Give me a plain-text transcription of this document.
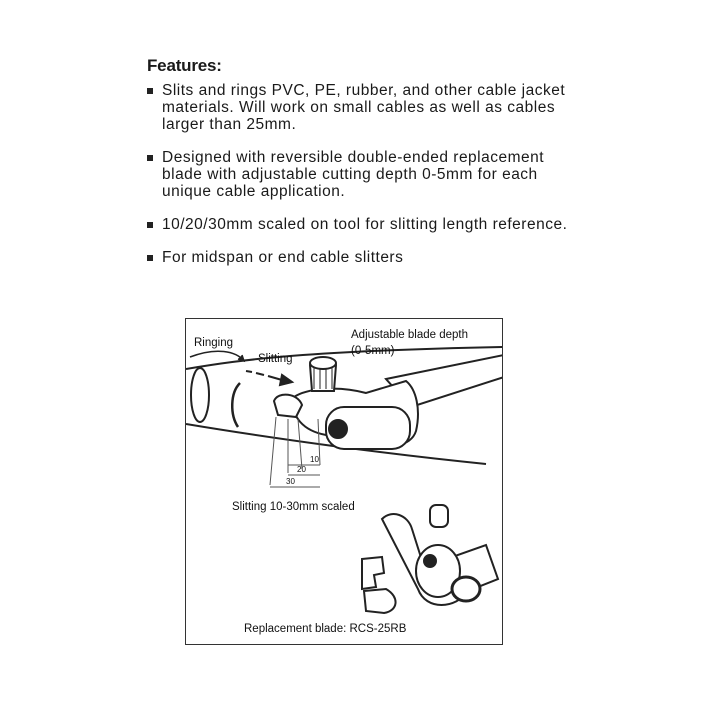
Features:
Slits and rings PVC, PE, rubber, and other cable jacket materials. Will work on small cables as well as cables larger than 25mm.
Designed with reversible double-ended replacement blade with adjustable cutting depth 0-5mm for each unique cable application.
10/20/30mm scaled on tool for slitting length reference.
For midspan or end cable slitters
Ringing
Slitting
Adjustable blade depth
(0-5mm)
10
20
30
Slitting 10-30mm scaled
Replacement blade: RCS-25RB
